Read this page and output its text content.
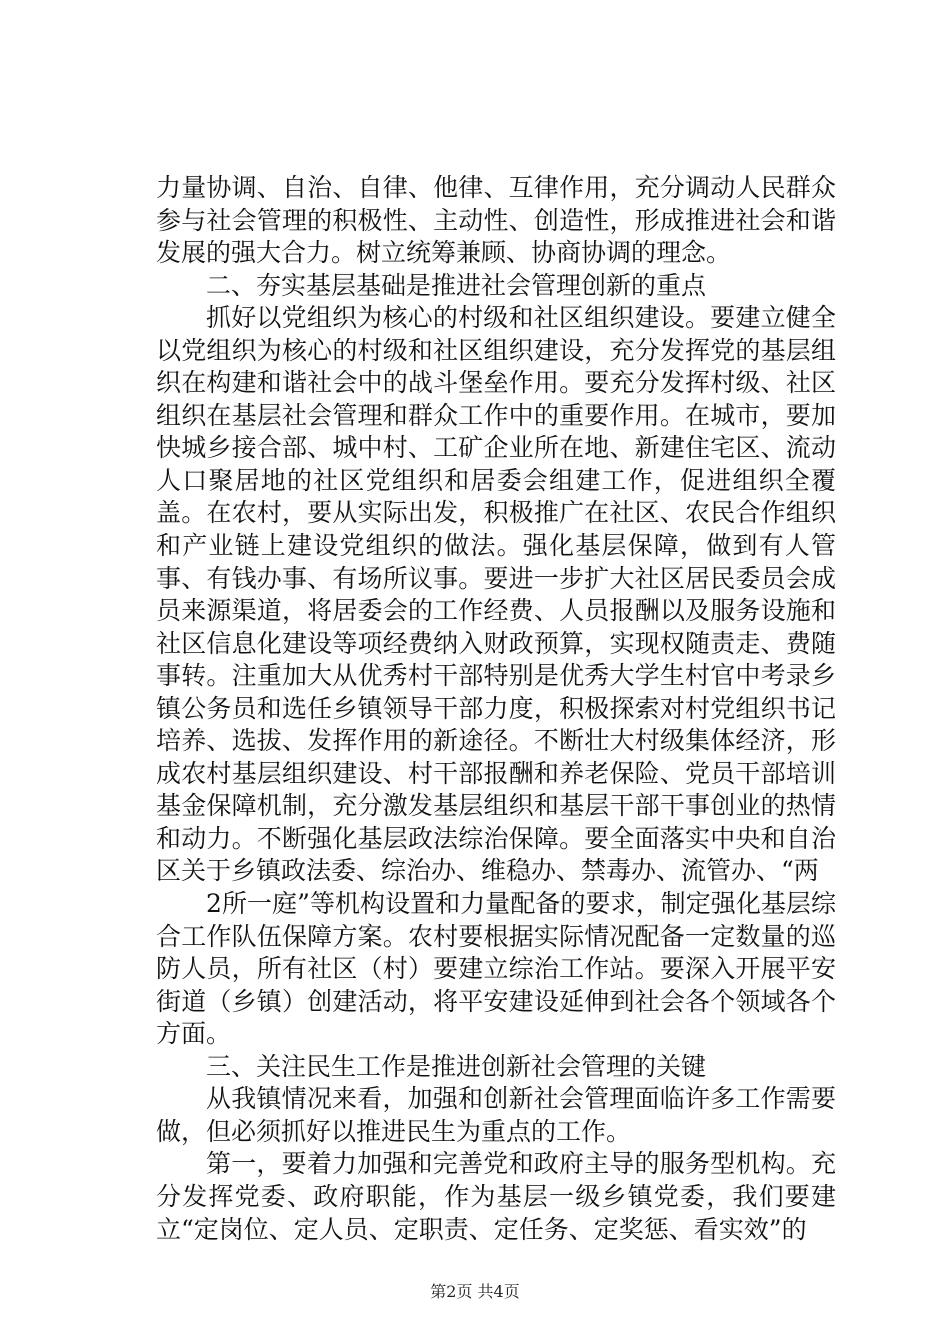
力量协调、自治、自律、他律、互律作用，充分调动人民群众参与社会管理的积极性、主动性、创造性，形成推进社会和谐发展的强大合力。树立统筹兼顾、协商协调的理念。

二、夯实基层基础是推进社会管理创新的重点

抓好以党组织为核心的村级和社区组织建设。要建立健全以党组织为核心的村级和社区组织建设，充分发挥党的基层组织在构建和谐社会中的战斗堡垒作用。要充分发挥村级、社区组织在基层社会管理和群众工作中的重要作用。在城市，要加快城乡接合部、城中村、工矿企业所在地、新建住宅区、流动人口聚居地的社区党组织和居委会组建工作，促进组织全覆盖。在农村，要从实际出发，积极推广在社区、农民合作组织和产业链上建设党组织的做法。强化基层保障，做到有人管事、有钱办事、有场所议事。要进一步扩大社区居民委员会成员来源渠道，将居委会的工作经费、人员报酬以及服务设施和社区信息化建设等项经费纳入财政预算，实现权随责走、费随事转。注重加大从优秀村干部特别是优秀大学生村官中考录乡镇公务员和选任乡镇领导干部力度，积极探索对村党组织书记培养、选拔、发挥作用的新途径。不断壮大村级集体经济，形成农村基层组织建设、村干部报酬和养老保险、党员干部培训基金保障机制，充分激发基层组织和基层干部干事创业的热情和动力。不断强化基层政法综治保障。要全面落实中央和自治区关于乡镇政法委、综治办、维稳办、禁毒办、流管办、“两

2所一庭”等机构设置和力量配备的要求，制定强化基层综合工作队伍保障方案。农村要根据实际情况配备一定数量的巡防人员，所有社区（村）要建立综治工作站。要深入开展平安街道（乡镇）创建活动，将平安建设延伸到社会各个领域各个方面。

三、关注民生工作是推进创新社会管理的关键

从我镇情况来看，加强和创新社会管理面临许多工作需要做，但必须抓好以推进民生为重点的工作。

第一，要着力加强和完善党和政府主导的服务型机构。充分发挥党委、政府职能，作为基层一级乡镇党委，我们要建立“定岗位、定人员、定职责、定任务、定奖惩、看实效”的

第2页 共4页
